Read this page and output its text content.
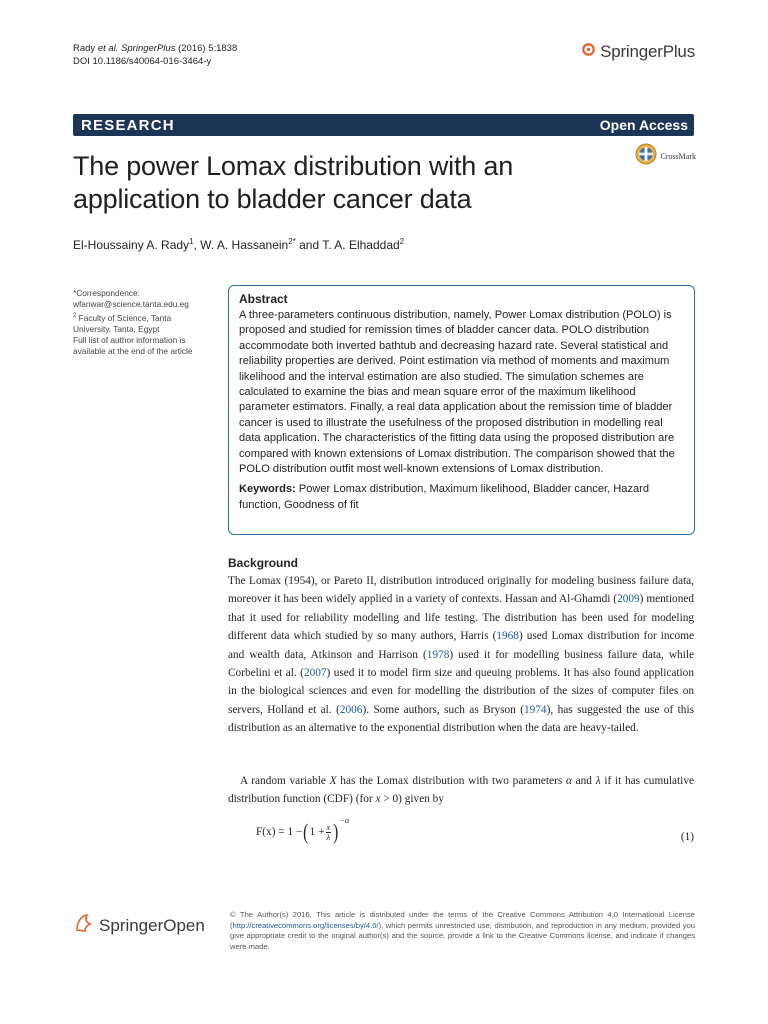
Rady et al. SpringerPlus (2016) 5:1838
DOI 10.1186/s40064-016-3464-y
SpringerPlus
RESEARCH	Open Access
CrossMark
The power Lomax distribution with an application to bladder cancer data
El-Houssainy A. Rady$^1$, W. A. Hassanein$^{2*}$ and T. A. Elhaddad$^2$
*Correspondence:
wfanwar@science.tanta.edu.eg
$^2$ Faculty of Science, Tanta University, Tanta, Egypt
Full list of author information is available at the end of the article
Abstract

A three-parameters continuous distribution, namely, Power Lomax distribution (POLO) is proposed and studied for remission times of bladder cancer data. POLO distribution accommodate both inverted bathtub and decreasing hazard rate. Several statistical and reliability properties are derived. Point estimation via method of moments and maximum likelihood and the interval estimation are also studied. The simulation schemes are calculated to examine the bias and mean square error of the maximum likelihood parameter estimators. Finally, a real data application about the remission time of bladder cancer is used to illustrate the usefulness of the proposed distribution in modelling real data application. The characteristics of the fitting data using the proposed distribution are compared with known extensions of Lomax distribution. The comparison showed that the POLO distribution outfit most well-known extensions of Lomax distribution.

Keywords: Power Lomax distribution, Maximum likelihood, Bladder cancer, Hazard function, Goodness of fit
Background

The Lomax (1954), or Pareto II, distribution introduced originally for modeling business failure data, moreover it has been widely applied in a variety of contexts. Hassan and Al-Ghamdi (2009) mentioned that it used for reliability modelling and life testing. The distribution has been used for modeling different data which studied by so many authors, Harris (1968) used Lomax distribution for income and wealth data, Atkinson and Harrison (1978) used it for modelling business failure data, while Corbelini et al. (2007) used it to model firm size and queuing problems. It has also found application in the biological sciences and even for modelling the distribution of the sizes of computer files on servers, Holland et al. (2006). Some authors, such as Bryson (1974), has suggested the use of this distribution as an alternative to the exponential distribution when the data are heavy-tailed.

A random variable X has the Lomax distribution with two parameters α and λ if it has cumulative distribution function (CDF) (for x > 0) given by

F(x) = 1 − ( $1 + \frac{x}{\lambda}$ ) −α
(1)
SpringerOpen

© The Author(s) 2016. This article is distributed under the terms of the Creative Commons Attribution 4.0 International License (http://creativecommons.org/licenses/by/4.0/), which permits unrestricted use, distribution, and reproduction in any medium, provided you give appropriate credit to the original author(s) and the source, provide a link to the Creative Commons license, and indicate if changes were made.
